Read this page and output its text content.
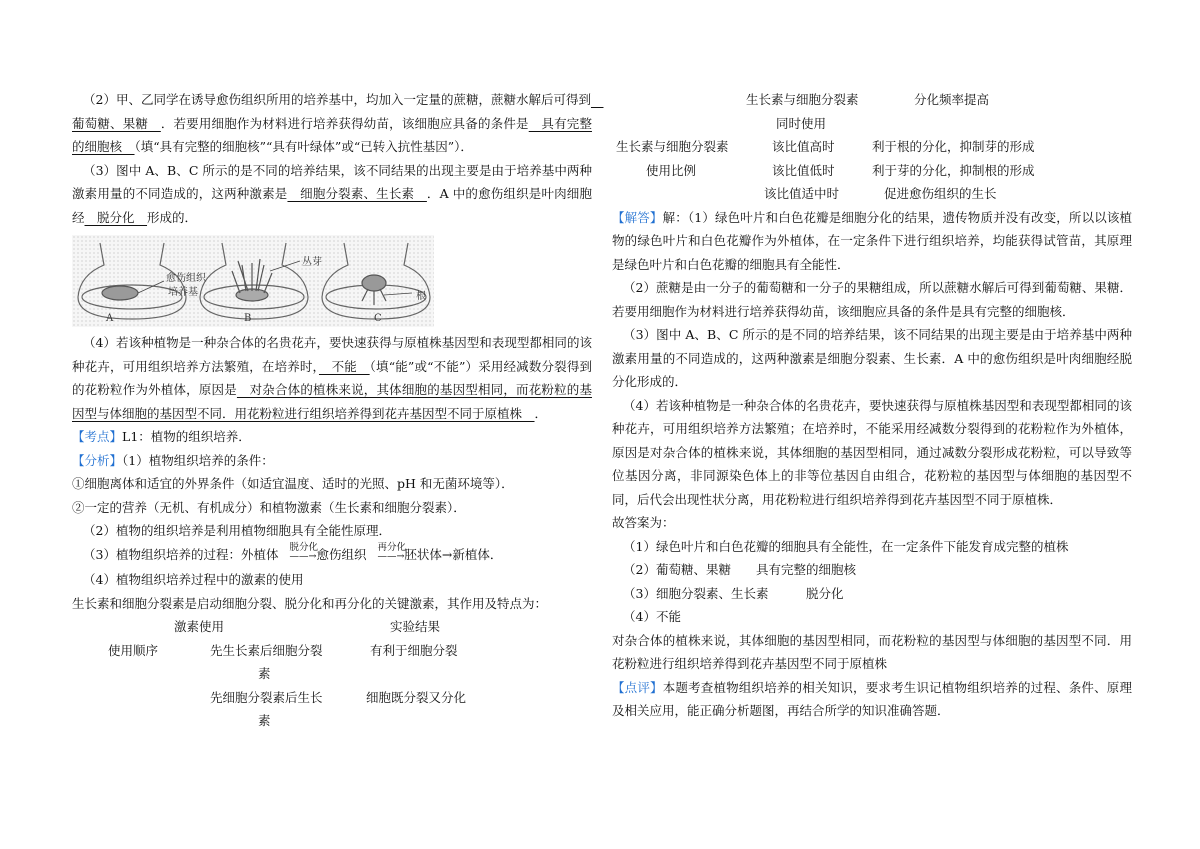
（2）甲、乙同学在诱导愈伤组织所用的培养基中，均加入一定量的蔗糖，蔗糖水解后可得到　葡萄糖、果糖　．若要用细胞作为材料进行培养获得幼苗，该细胞应具备的条件是　具有完整的细胞核　（填“具有完整的细胞核”“具有叶绿体”或“已转入抗性基因”）．

（3）图中 A、B、C 所示的是不同的培养结果，该不同结果的出现主要是由于培养基中两种激素用量的不同造成的，这两种激素是　细胞分裂素、生长素　．A 中的愈伤组织是叶肉细胞经　脱分化　形成的．

愈伤组织
培养基
丛芽
根
A	B	C

（4）若该种植物是一种杂合体的名贵花卉，要快速获得与原植株基因型和表现型都相同的该种花卉，可用组织培养方法繁殖，在培养时，　不能　（填“能”或“不能”）采用经减数分裂得到的花粉粒作为外植体，原因是　对杂合体的植株来说，其体细胞的基因型相同，而花粉粒的基因型与体细胞的基因型不同．用花粉粒进行组织培养得到花卉基因型不同于原植株　．

【考点】L1：植物的组织培养．

【分析】（1）植物组织培养的条件：

①细胞离体和适宜的外界条件（如适宜温度、适时的光照、pH 和无菌环境等）．

②一定的营养（无机、有机成分）和植物激素（生长素和细胞分裂素）．

（2）植物的组织培养是利用植物细胞具有全能性原理．

（3）植物组织培养的过程：外植体	脱分化
——→愈伤组织	再分化
——→胚状体→新植体．

（4）植物组织培养过程中的激素的使用

生长素和细胞分裂素是启动细胞分裂、脱分化和再分化的关键激素，其作用及特点为：

激素使用	实验结果
使用顺序	先生长素后细胞分裂	有利于细胞分裂
素
先细胞分裂素后生长	细胞既分裂又分化
素
生长素与细胞分裂素	分化频率提高
同时使用
生长素与细胞分裂素	该比值高时	利于根的分化，抑制芽的形成
使用比例	该比值低时	利于芽的分化，抑制根的形成
该比值适中时	促进愈伤组织的生长

【解答】解：（1）绿色叶片和白色花瓣是细胞分化的结果，遗传物质并没有改变，所以以该植物的绿色叶片和白色花瓣作为外植体，在一定条件下进行组织培养，均能获得试管苗，其原理是绿色叶片和白色花瓣的细胞具有全能性．

（2）蔗糖是由一分子的葡萄糖和一分子的果糖组成，所以蔗糖水解后可得到葡萄糖、果糖．若要用细胞作为材料进行培养获得幼苗，该细胞应具备的条件是具有完整的细胞核．

（3）图中 A、B、C 所示的是不同的培养结果，该不同结果的出现主要是由于培养基中两种激素用量的不同造成的，这两种激素是细胞分裂素、生长素．A 中的愈伤组织是叶肉细胞经脱分化形成的．

（4）若该种植物是一种杂合体的名贵花卉，要快速获得与原植株基因型和表现型都相同的该种花卉，可用组织培养方法繁殖；在培养时，不能采用经减数分裂得到的花粉粒作为外植体，原因是对杂合体的植株来说，其体细胞的基因型相同，通过减数分裂形成花粉粒，可以导致等位基因分离，非同源染色体上的非等位基因自由组合，花粉粒的基因型与体细胞的基因型不同，后代会出现性状分离，用花粉粒进行组织培养得到花卉基因型不同于原植株．

故答案为：

（1）绿色叶片和白色花瓣的细胞具有全能性，在一定条件下能发育成完整的植株

（2）葡萄糖、果糖　　具有完整的细胞核

（3）细胞分裂素、生长素　　　脱分化

（4）不能

对杂合体的植株来说，其体细胞的基因型相同，而花粉粒的基因型与体细胞的基因型不同．用花粉粒进行组织培养得到花卉基因型不同于原植株

【点评】本题考查植物组织培养的相关知识，要求考生识记植物组织培养的过程、条件、原理及相关应用，能正确分析题图，再结合所学的知识准确答题．
